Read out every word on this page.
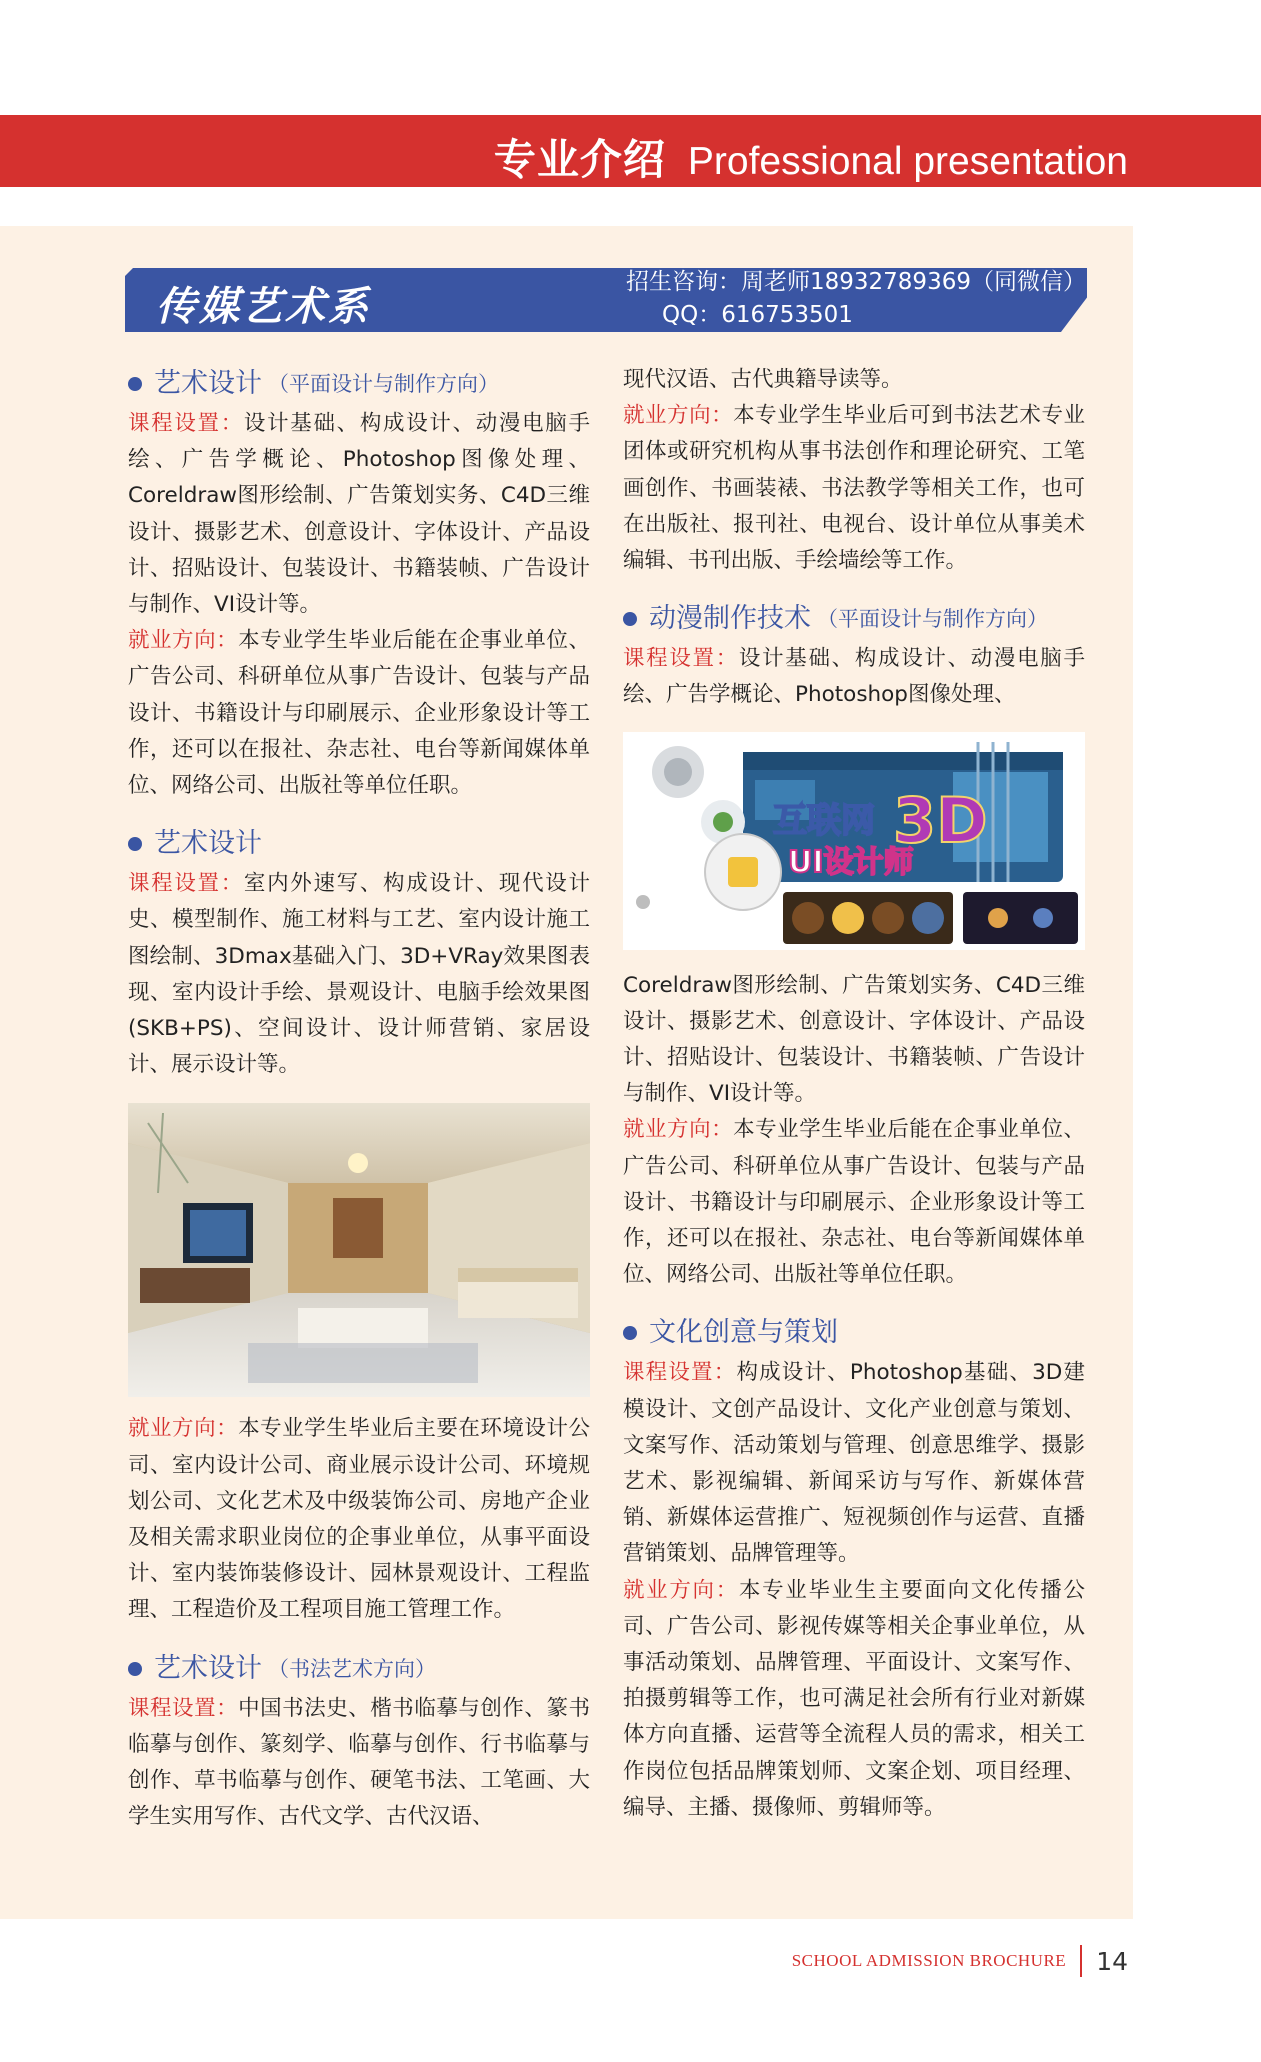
专业介绍 Professional presentation
传媒艺术系
招生咨询：周老师18932789369（同微信）
QQ：616753501
艺术设计 （平面设计与制作方向）

课程设置：设计基础、构成设计、动漫电脑手绘、广告学概论、Photoshop图像处理、Coreldraw图形绘制、广告策划实务、C4D三维设计、摄影艺术、创意设计、字体设计、产品设计、招贴设计、包装设计、书籍装帧、广告设计与制作、VI设计等。

就业方向：本专业学生毕业后能在企事业单位、广告公司、科研单位从事广告设计、包装与产品设计、书籍设计与印刷展示、企业形象设计等工作，还可以在报社、杂志社、电台等新闻媒体单位、网络公司、出版社等单位任职。

艺术设计

课程设置：室内外速写、构成设计、现代设计史、模型制作、施工材料与工艺、室内设计施工图绘制、3Dmax基础入门、3D+VRay效果图表现、室内设计手绘、景观设计、电脑手绘效果图(SKB+PS)、空间设计、设计师营销、家居设计、展示设计等。

就业方向：本专业学生毕业后主要在环境设计公司、室内设计公司、商业展示设计公司、环境规划公司、文化艺术及中级装饰公司、房地产企业及相关需求职业岗位的企事业单位，从事平面设计、室内装饰装修设计、园林景观设计、工程监理、工程造价及工程项目施工管理工作。

艺术设计 （书法艺术方向）

课程设置：中国书法史、楷书临摹与创作、篆书临摹与创作、篆刻学、临摹与创作、行书临摹与创作、草书临摹与创作、硬笔书法、工笔画、大学生实用写作、古代文学、古代汉语、

现代汉语、古代典籍导读等。

就业方向：本专业学生毕业后可到书法艺术专业团体或研究机构从事书法创作和理论研究、工笔画创作、书画装裱、书法教学等相关工作，也可在出版社、报刊社、电视台、设计单位从事美术编辑、书刊出版、手绘墙绘等工作。

动漫制作技术 （平面设计与制作方向）

课程设置：设计基础、构成设计、动漫电脑手绘、广告学概论、Photoshop图像处理、

互联网 3D
UI设计师

Coreldraw图形绘制、广告策划实务、C4D三维设计、摄影艺术、创意设计、字体设计、产品设计、招贴设计、包装设计、书籍装帧、广告设计与制作、VI设计等。

就业方向：本专业学生毕业后能在企事业单位、广告公司、科研单位从事广告设计、包装与产品设计、书籍设计与印刷展示、企业形象设计等工作，还可以在报社、杂志社、电台等新闻媒体单位、网络公司、出版社等单位任职。

文化创意与策划

课程设置：构成设计、Photoshop基础、3D建模设计、文创产品设计、文化产业创意与策划、文案写作、活动策划与管理、创意思维学、摄影艺术、影视编辑、新闻采访与写作、新媒体营销、新媒体运营推广、短视频创作与运营、直播营销策划、品牌管理等。

就业方向：本专业毕业生主要面向文化传播公司、广告公司、影视传媒等相关企事业单位，从事活动策划、品牌管理、平面设计、文案写作、拍摄剪辑等工作，也可满足社会所有行业对新媒体方向直播、运营等全流程人员的需求，相关工作岗位包括品牌策划师、文案企划、项目经理、编导、主播、摄像师、剪辑师等。

SCHOOL ADMISSION BROCHURE 14
